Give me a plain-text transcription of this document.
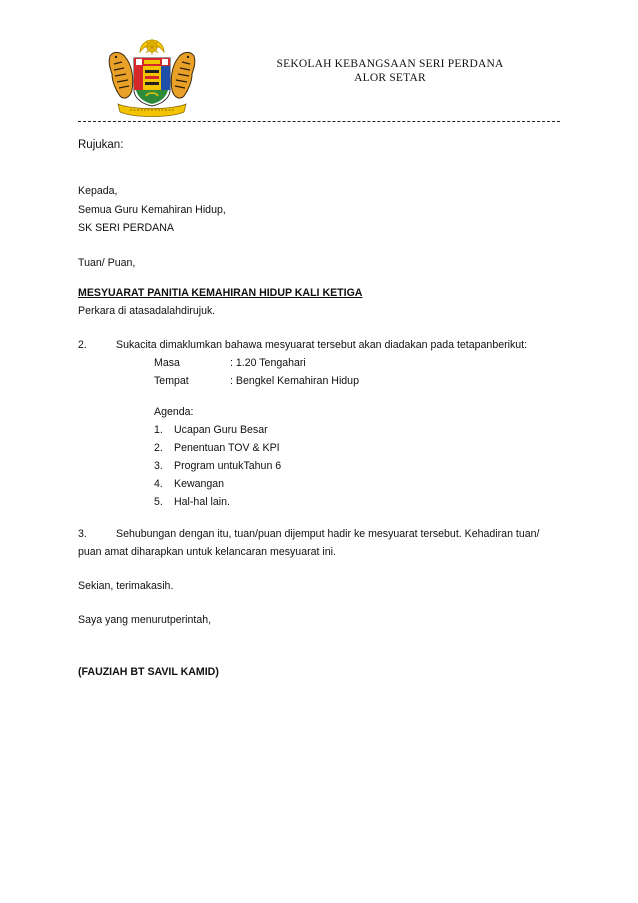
SEKOLAH KEBANGSAAN SERI PERDANA
ALOR SETAR
Rujukan:
Kepada,
Semua Guru Kemahiran Hidup,
SK SERI PERDANA
Tuan/ Puan,
MESYUARAT PANITIA KEMAHIRAN HIDUP KALI KETIGA
Perkara di atasadalahdirujuk.
2.	Sukacita dimaklumkan bahawa mesyuarat tersebut akan diadakan pada tetapanberikut:
Masa	: 1.20 Tengahari
Tempat	: Bengkel Kemahiran Hidup
Agenda:
1. Ucapan Guru Besar
2. Penentuan TOV & KPI
3. Program untukTahun 6
4. Kewangan
5. Hal-hal lain.
3.	Sehubungan dengan itu, tuan/puan dijemput hadir ke mesyuarat tersebut. Kehadiran tuan/
puan amat diharapkan untuk kelancaran mesyuarat ini.
Sekian, terimakasih.
Saya yang menurutperintah,
(FAUZIAH BT SAVIL KAMID)
